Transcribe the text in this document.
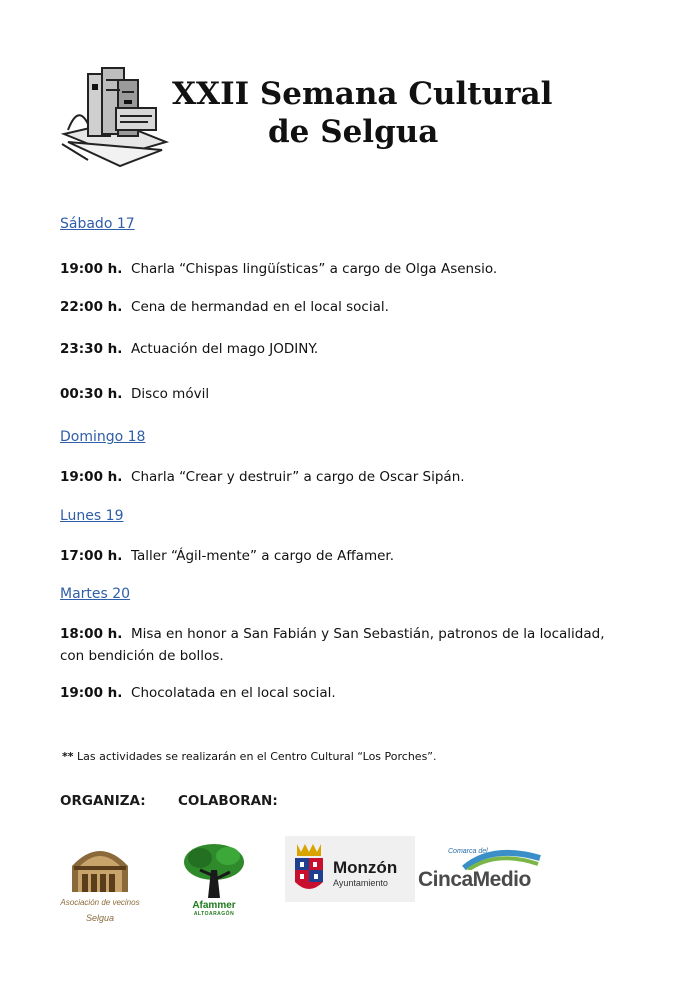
XXII Semana Cultural
de Selgua
Sábado 17
19:00 h. Charla “Chispas lingüísticas” a cargo de Olga Asensio.
22:00 h. Cena de hermandad en el local social.
23:30 h. Actuación del mago JODINY.
00:30 h. Disco móvil
Domingo 18
19:00 h. Charla “Crear y destruir” a cargo de Oscar Sipán.
Lunes 19
17:00 h. Taller “Ágil-mente” a cargo de Affamer.
Martes 20
18:00 h. Misa en honor a San Fabián y San Sebastián, patronos de la localidad,
con bendición de bollos.
19:00 h. Chocolatada en el local social.
** Las actividades se realizarán en el Centro Cultural “Los Porches”.
ORGANIZA: COLABORAN:
Asociación de vecinos
Selgua
Afammer
ALTOARAGÓN
Monzón
Ayuntamiento
Comarca del
CincaMedio
